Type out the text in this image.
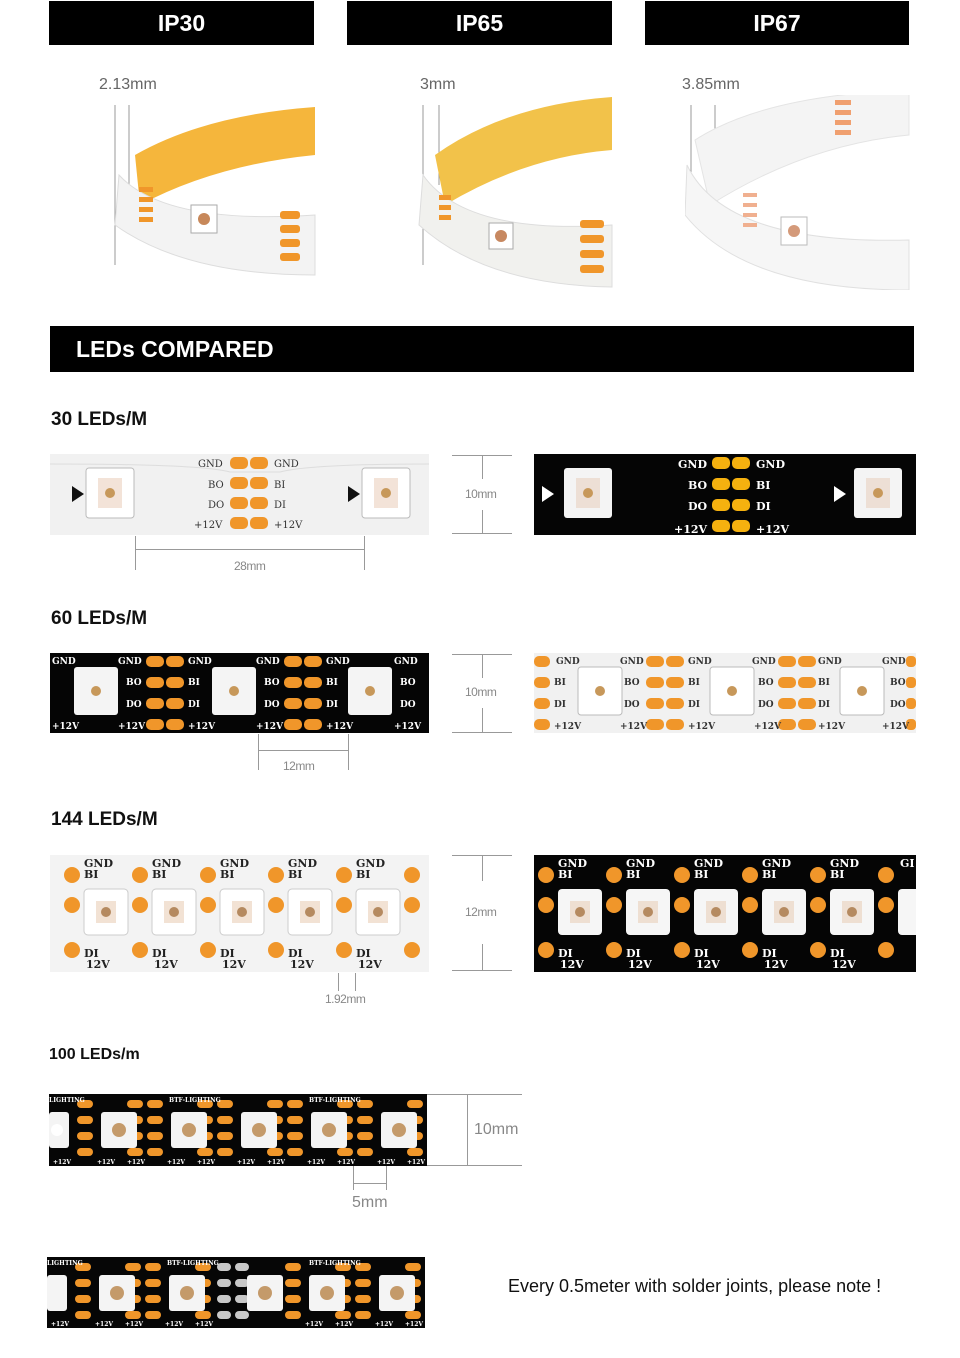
IP30	IP65	IP67
2.13mm	3mm	3.85mm
LEDs COMPARED
30 LEDs/M
GND	GND
BO	BI
DO	DI
+12V	+12V
28mm
10mm
GND	GND
BO	BI
DO	DI
+12V	+12V
60 LEDs/M
GND	GND	GND	GND	GND	GND
BO	BI	BO	BI	BO
DO	DI	DO	DI	DO
+12V	+12V	+12V	+12V	+12V	+12V
12mm
10mm
GND	GND	GND	GND	GND	GND
BI	BO	BI	BO	BI	BO
DI	DO	DI	DO	DI	DO
+12V	+12V	+12V	+12V	+12V	+12V
144 LEDs/M
GND	GND	GND	GND	GND
BI	BI	BI	BI	BI
DI	DI	DI	DI	DI
12V	12V	12V	12V	12V
1.92mm
12mm
GND	GND	GND	GND	GND	GI
BI	BI	BI	BI	BI
DI	DI	DI	DI	DI
12V	12V	12V	12V	12V
100 LEDs/m
LIGHTING	BTF-LIGHTING	BTF-LIGHTING
+12V	+12V +12V	+12V +12V	+12V +12V	+12V +12V	+12V +12V
10mm
5mm
LIGHTING	BTF-LIGHTING	BTF-LIGHTING
+12V	+12V +12V	+12V +12V	+12V +12V	+12V +12V
Every 0.5meter with solder joints, please note !
